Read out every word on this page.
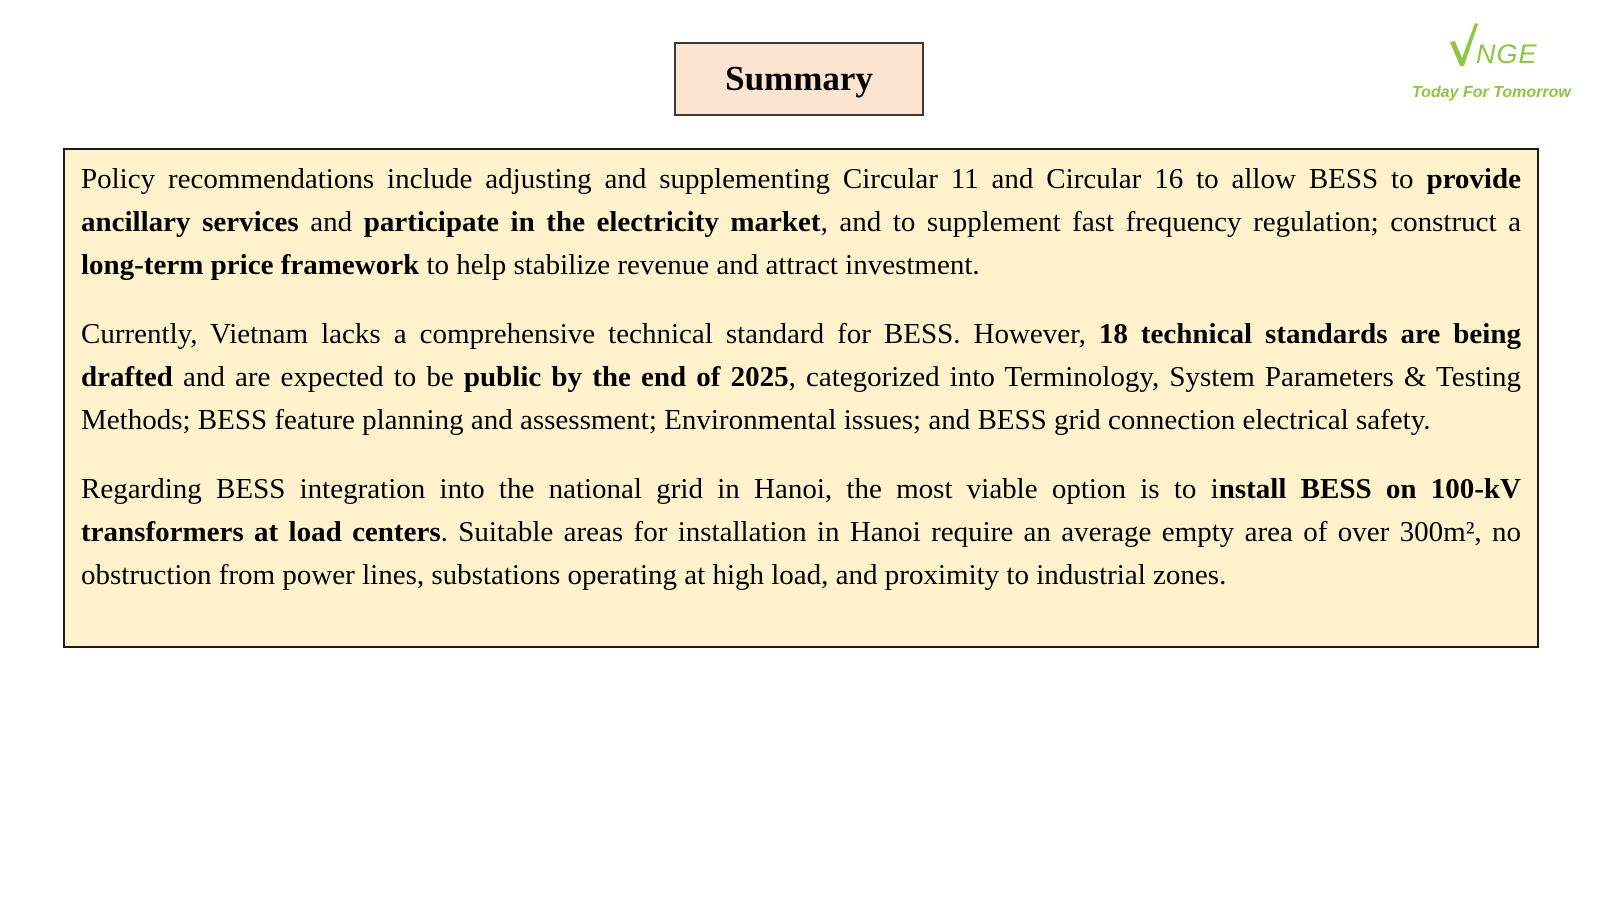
Summary
NGE
Today For Tomorrow

Policy recommendations include adjusting and supplementing Circular 11 and Circular 16 to allow BESS to provide ancillary services and participate in the electricity market, and to supplement fast frequency regulation; construct a long-term price framework to help stabilize revenue and attract investment.

Currently, Vietnam lacks a comprehensive technical standard for BESS. However, 18 technical standards are being drafted and are expected to be public by the end of 2025, categorized into Terminology, System Parameters & Testing Methods; BESS feature planning and assessment; Environmental issues; and BESS grid connection electrical safety.

Regarding BESS integration into the national grid in Hanoi, the most viable option is to install BESS on 100-kV transformers at load centers. Suitable areas for installation in Hanoi require an average empty area of over 300m², no obstruction from power lines, substations operating at high load, and proximity to industrial zones.
